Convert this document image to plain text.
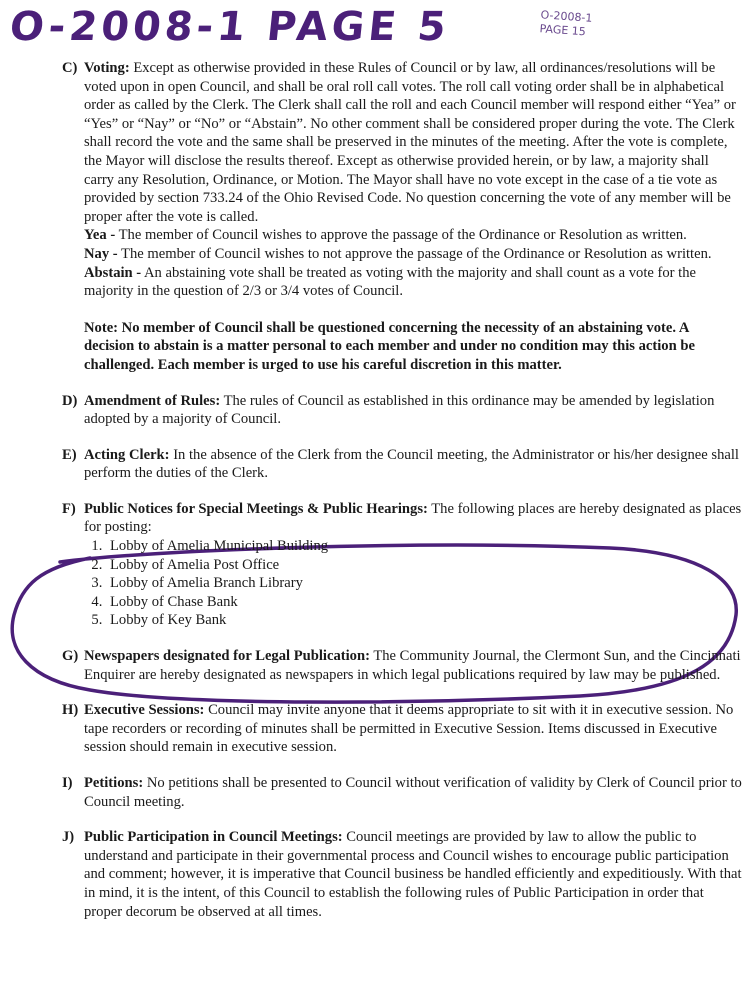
O-2008-1 PAGE 5	O-2008-1
PAGE 15
C) Voting: Except as otherwise provided in these Rules of Council or by law, all ordinances/resolutions will be voted upon in open Council, and shall be oral roll call votes. The roll call voting order shall be in alphabetical order as called by the Clerk. The Clerk shall call the roll and each Council member will respond either “Yea” or “Yes” or “Nay” or “No” or “Abstain”. No other comment shall be considered proper during the vote. The Clerk shall record the vote and the same shall be preserved in the minutes of the meeting. After the vote is complete, the Mayor will disclose the results thereof. Except as otherwise provided herein, or by law, a majority shall carry any Resolution, Ordinance, or Motion. The Mayor shall have no vote except in the case of a tie vote as provided by section 733.24 of the Ohio Revised Code. No question concerning the vote of any member will be proper after the vote is called.

Yea - The member of Council wishes to approve the passage of the Ordinance or Resolution as written.

Nay - The member of Council wishes to not approve the passage of the Ordinance or Resolution as written.

Abstain - An abstaining vote shall be treated as voting with the majority and shall count as a vote for the majority in the question of 2/3 or 3/4 votes of Council.

Note: No member of Council shall be questioned concerning the necessity of an abstaining vote. A decision to abstain is a matter personal to each member and under no condition may this action be challenged. Each member is urged to use his careful discretion in this matter.

D) Amendment of Rules: The rules of Council as established in this ordinance may be amended by legislation adopted by a majority of Council.
E) Acting Clerk: In the absence of the Clerk from the Council meeting, the Administrator or his/her designee shall perform the duties of the Clerk.
F) Public Notices for Special Meetings & Public Hearings: The following places are hereby designated as places for posting:
1. Lobby of Amelia Municipal Building
2. Lobby of Amelia Post Office
3. Lobby of Amelia Branch Library
4. Lobby of Chase Bank
5. Lobby of Key Bank
G) Newspapers designated for Legal Publication: The Community Journal, the Clermont Sun, and the Cincinnati Enquirer are hereby designated as newspapers in which legal publications required by law may be published.
H) Executive Sessions: Council may invite anyone that it deems appropriate to sit with it in executive session. No tape recorders or recording of minutes shall be permitted in Executive Session. Items discussed in Executive session should remain in executive session.
I) Petitions: No petitions shall be presented to Council without verification of validity by Clerk of Council prior to Council meeting.
J) Public Participation in Council Meetings: Council meetings are provided by law to allow the public to understand and participate in their governmental process and Council wishes to encourage public participation and comment; however, it is imperative that Council business be handled efficiently and expeditiously. With that in mind, it is the intent, of this Council to establish the following rules of Public Participation in order that proper decorum be observed at all times.
